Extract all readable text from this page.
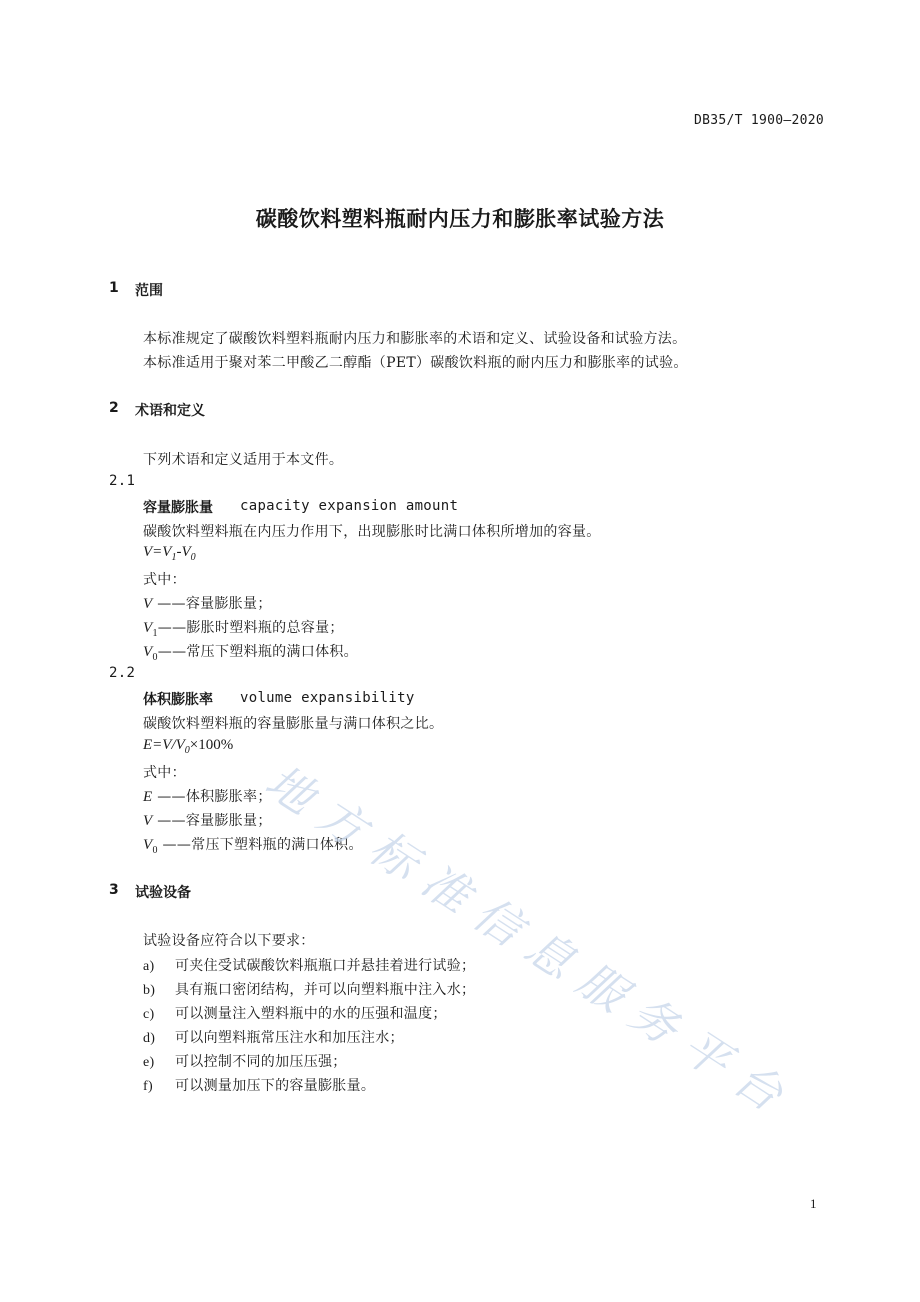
DB35/T 1900—2020
碳酸饮料塑料瓶耐内压力和膨胀率试验方法
1 范围
本标准规定了碳酸饮料塑料瓶耐内压力和膨胀率的术语和定义、试验设备和试验方法。
本标准适用于聚对苯二甲酸乙二醇酯（PET）碳酸饮料瓶的耐内压力和膨胀率的试验。
2 术语和定义
下列术语和定义适用于本文件。
2.1
容量膨胀量 capacity expansion amount
碳酸饮料塑料瓶在内压力作用下，出现膨胀时比满口体积所增加的容量。
$V=V_1-V_0$
式中：
V ——容量膨胀量；
$V_1——$膨胀时塑料瓶的总容量；
$V_0——$常压下塑料瓶的满口体积。
2.2
体积膨胀率 volume expansibility
碳酸饮料塑料瓶的容量膨胀量与满口体积之比。
$E=V/V_0\times 100\%$
式中：
E ——体积膨胀率；
V ——容量膨胀量；
$V_0$ ——常压下塑料瓶的满口体积。
3 试验设备
试验设备应符合以下要求：
a) 可夹住受试碳酸饮料瓶瓶口并悬挂着进行试验；
b) 具有瓶口密闭结构，并可以向塑料瓶中注入水；
c) 可以测量注入塑料瓶中的水的压强和温度；
d) 可以向塑料瓶常压注水和加压注水；
e) 可以控制不同的加压压强；
f) 可以测量加压下的容量膨胀量。
1
地
方
标
准
信
息
服
务
平
台
